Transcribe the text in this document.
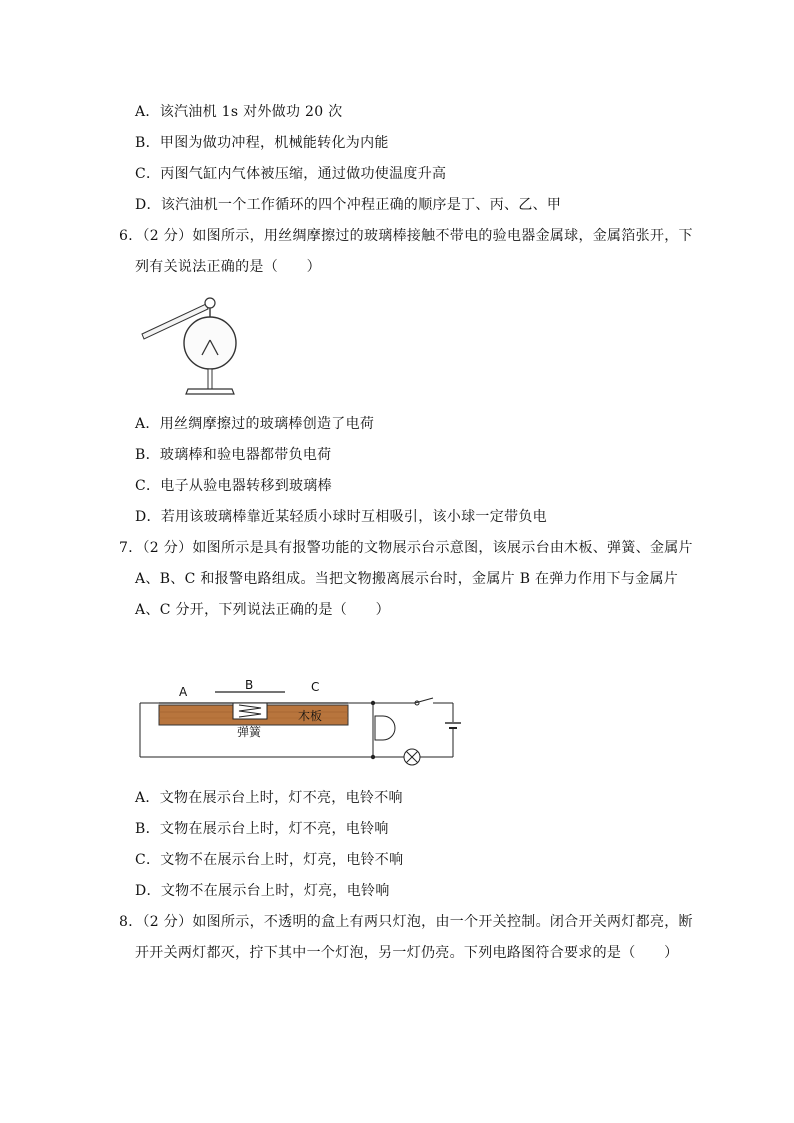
A．该汽油机 1s 对外做功 20 次
B．甲图为做功冲程，机械能转化为内能
C．丙图气缸内气体被压缩，通过做功使温度升高
D．该汽油机一个工作循环的四个冲程正确的顺序是丁、丙、乙、甲
6．（2 分）如图所示，用丝绸摩擦过的玻璃棒接触不带电的验电器金属球，金属箔张开，下
列有关说法正确的是（　　）
A．用丝绸摩擦过的玻璃棒创造了电荷
B．玻璃棒和验电器都带负电荷
C．电子从验电器转移到玻璃棒
D．若用该玻璃棒靠近某轻质小球时互相吸引，该小球一定带负电
7．（2 分）如图所示是具有报警功能的文物展示台示意图，该展示台由木板、弹簧、金属片
A、B、C 和报警电路组成。当把文物搬离展示台时，金属片 B 在弹力作用下与金属片
A、C 分开，下列说法正确的是（　　）
A	B	C
木板
弹簧
A．文物在展示台上时，灯不亮，电铃不响
B．文物在展示台上时，灯不亮，电铃响
C．文物不在展示台上时，灯亮，电铃不响
D．文物不在展示台上时，灯亮，电铃响
8．（2 分）如图所示，不透明的盒上有两只灯泡，由一个开关控制。闭合开关两灯都亮，断
开开关两灯都灭，拧下其中一个灯泡，另一灯仍亮。下列电路图符合要求的是（　　）
